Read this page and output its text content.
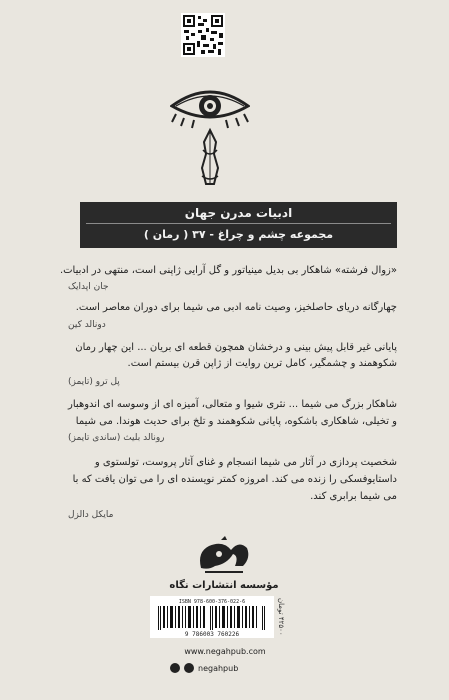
ادبیات مدرن جهان
مجموعه چشم و چراغ - ۳۷ ( رمان )
«زوال فرشته» شاهکار بی بدیل مینیاتور و گل آرایی ژاپنی است، منتهی در ادبیات.
جان اپدایک
چهارگانه دریای حاصلخیز، وصیت نامه ادبی می شیما برای دوران معاصر است.
دونالد کین
پایانی غیر قابل پیش بینی و درخشان همچون قطعه ای بریان ... این چهار رمان
شکوهمند و چشمگیر، کامل ترین روایت از ژاپن قرن بیستم است.
پل ترو (تایمز)
شاهکار بزرگ می شیما ... نثری شیوا و متعالی، آمیزه ای از وسوسه ای اندوهبار
و تخیلی، شاهکاری باشکوه، پایانی شکوهمند و تلخ برای حدیث هوندا. می شیما
رونالد بلیث (ساندی تایمز)
شخصیت پردازی در آثار می شیما انسجام و غنای آثار پروست، تولستوی و
داستایوفسکی را زنده می کند. امروزه کمتر نویسنده ای را می توان یافت که با
می شیما برابری کند.
مایکل دالزل
مؤسسه انتشارات نگاه
ISBN 978-600-376-022-6
9 786003 760226
۴۲۵۰۰ تومان
www.negahpub.com
negahpub
